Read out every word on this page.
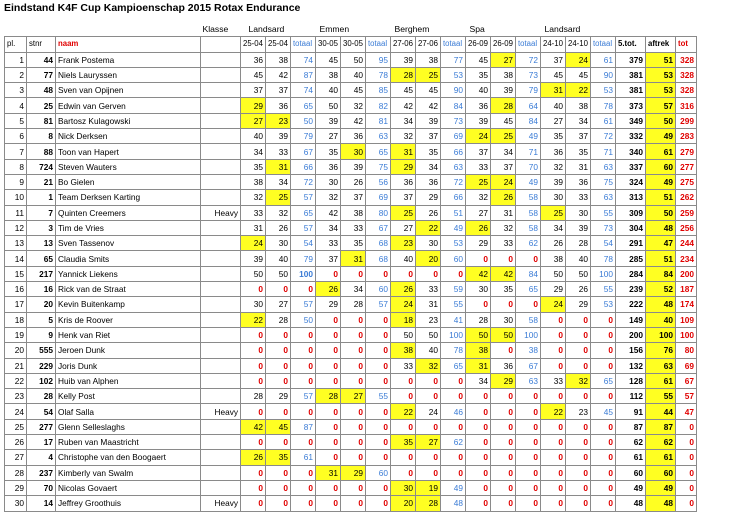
Eindstand K4F Cup Kampioenschap 2015 Rotax Endurance
			Klasse	Landsard			Emmen			Berghem			Spa			Landsard					
pl.	stnr	naam		25-04	25-04	totaal	30-05	30-05	totaal	27-06	27-06	totaal	26-09	26-09	totaal	24-10	24-10	totaal	5.tot.	aftrek	tot
1	44	Frank Postema		36	38	74	45	50	95	39	38	77	45	27	72	37	24	61	379	51	328
2	77	Niels Lauryssen		45	42	87	38	40	78	28	25	53	35	38	73	45	45	90	381	53	328
3	48	Sven van Opijnen		37	37	74	40	45	85	45	45	90	40	39	79	31	22	53	381	53	328
4	25	Edwin van Gerven		29	36	65	50	32	82	42	42	84	36	28	64	40	38	78	373	57	316
5	81	Bartosz Kulagowski		27	23	50	39	42	81	34	39	73	39	45	84	27	34	61	349	50	299
6	8	Nick Derksen		40	39	79	27	36	63	32	37	69	24	25	49	35	37	72	332	49	283
7	88	Toon van Hapert		34	33	67	35	30	65	31	35	66	37	34	71	36	35	71	340	61	279
8	724	Steven Wauters		35	31	66	36	39	75	29	34	63	33	37	70	32	31	63	337	60	277
9	21	Bo Gielen		38	34	72	30	26	56	36	36	72	25	24	49	39	36	75	324	49	275
10	1	Team Derksen Karting		32	25	57	32	37	69	37	29	66	32	26	58	30	33	63	313	51	262
11	7	Quinten Creemers	Heavy	33	32	65	42	38	80	25	26	51	27	31	58	25	30	55	309	50	259
12	3	Tim de Vries		31	26	57	34	33	67	27	22	49	26	32	58	34	39	73	304	48	256
13	13	Sven Tassenov		24	30	54	33	35	68	23	30	53	29	33	62	26	28	54	291	47	244
14	65	Claudia Smits		39	40	79	37	31	68	40	20	60	0	0	0	38	40	78	285	51	234
15	217	Yannick Liekens		50	50	100	0	0	0	0	0	0	42	42	84	50	50	100	284	84	200
16	16	Rick van de Straat		0	0	0	26	34	60	26	33	59	30	35	65	29	26	55	239	52	187
17	20	Kevin Buitenkamp		30	27	57	29	28	57	24	31	55	0	0	0	24	29	53	222	48	174
18	5	Kris de Roover		22	28	50	0	0	0	18	23	41	28	30	58	0	0	0	149	40	109
19	9	Henk van Riet		0	0	0	0	0	0	50	50	100	50	50	100	0	0	0	200	100	100
20	555	Jeroen Dunk		0	0	0	0	0	0	38	40	78	38	0	38	0	0	0	156	76	80
21	229	Joris Dunk		0	0	0	0	0	0	33	32	65	31	36	67	0	0	0	132	63	69
22	102	Huib van Alphen		0	0	0	0	0	0	0	0	0	34	29	63	33	32	65	128	61	67
23	28	Kelly Post		28	29	57	28	27	55	0	0	0	0	0	0	0	0	0	112	55	57
24	54	Olaf Salla	Heavy	0	0	0	0	0	0	22	24	46	0	0	0	22	23	45	91	44	47
25	277	Glenn Selleslaghs		42	45	87	0	0	0	0	0	0	0	0	0	0	0	0	87	87	0
26	17	Ruben van Maastricht		0	0	0	0	0	0	35	27	62	0	0	0	0	0	0	62	62	0
27	4	Christophe van den Boogaert		26	35	61	0	0	0	0	0	0	0	0	0	0	0	0	61	61	0
28	237	Kimberly van Swalm		0	0	0	31	29	60	0	0	0	0	0	0	0	0	0	60	60	0
29	70	Nicolas Govaert		0	0	0	0	0	0	30	19	49	0	0	0	0	0	0	49	49	0
30	14	Jeffrey Groothuis	Heavy	0	0	0	0	0	0	20	28	48	0	0	0	0	0	0	48	48	0
